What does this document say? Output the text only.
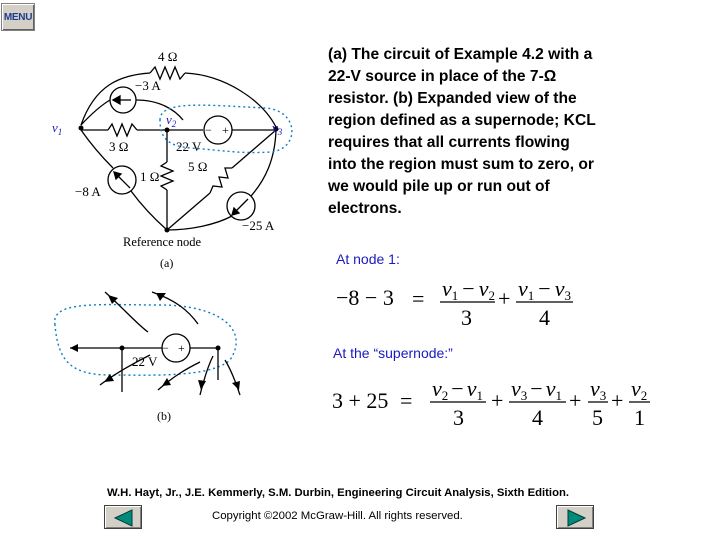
MENU
− +
4 Ω
−3 A
$v_1$
$v_2$	$v_3$
3 Ω	22 V
5 Ω
1 Ω
−8 A
−25 A
Reference node
(a)
− +
22 V
(b)
(a) The circuit of Example 4.2 with a
22-V source in place of the 7-Ω
resistor. (b) Expanded view of the
region defined as a supernode; KCL
requires that all currents flowing
into the region must sum to zero, or
we would pile up or run out of
electrons.
At node 1:
−8 − 3 = v1 − v2
3
+ v1 − v3
4
At the “supernode:”
3 + 25 = v2 − v1
3
+ v3 − v1
4
+ v3
5
+ v2
1
W.H. Hayt, Jr., J.E. Kemmerly, S.M. Durbin, Engineering Circuit Analysis, Sixth Edition.
Copyright ©2002 McGraw-Hill. All rights reserved.
